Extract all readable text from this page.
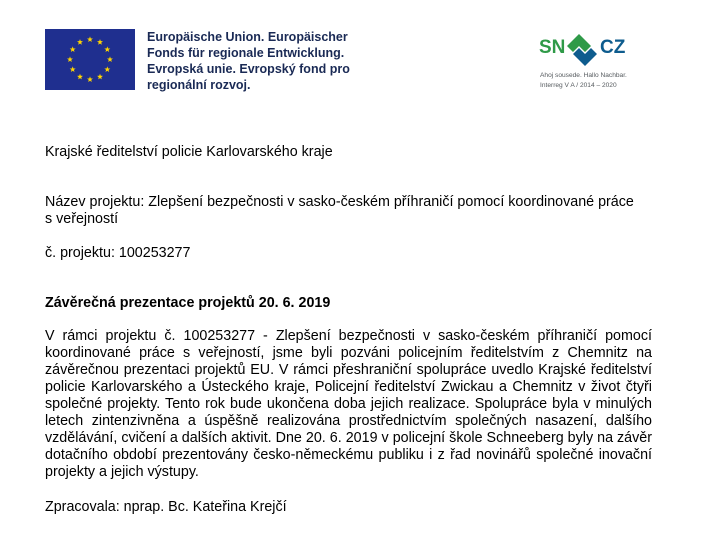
Europäische Union. Europäischer
Fonds für regionale Entwicklung.
Evropská unie. Evropský fond pro
regionální rozvoj.
SN CZ
Ahoj sousede. Hallo Nachbar.
Interreg V A / 2014 – 2020
Krajské ředitelství policie Karlovarského kraje
Název projektu: Zlepšení bezpečnosti v sasko-českém příhraničí pomocí koordinované práce
s veřejností
č. projektu: 100253277
Závěrečná prezentace projektů 20. 6. 2019
V rámci projektu č. 100253277 - Zlepšení bezpečnosti v sasko-českém příhraničí pomocí koordinované práce s veřejností, jsme byli pozváni policejním ředitelstvím z Chemnitz na závěrečnou prezentaci projektů EU. V rámci přeshraniční spolupráce uvedlo Krajské ředitelství policie Karlovarského a Ústeckého kraje, Policejní ředitelství Zwickau a Chemnitz v život čtyři společné projekty. Tento rok bude ukončena doba jejich realizace. Spolupráce byla v minulých letech zintenzivněna a úspěšně realizována prostřednictvím společných nasazení, dalšího vzdělávání, cvičení a dalších aktivit. Dne 20. 6. 2019 v policejní škole Schneeberg byly na závěr dotačního období prezentovány česko-německému publiku i z řad novinářů společné inovační projekty a jejich výstupy.
Zpracovala: nprap. Bc. Kateřina Krejčí
